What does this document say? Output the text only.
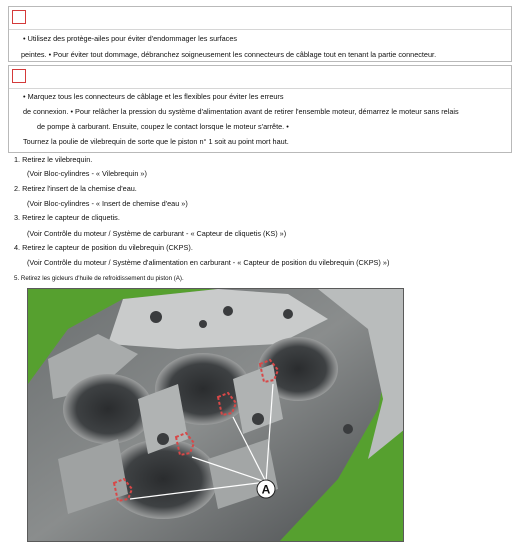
• Utilisez des protège-ailes pour éviter d'endommager les surfaces
peintes. • Pour éviter tout dommage, débranchez soigneusement les connecteurs de câblage tout en tenant la partie connecteur.
• Marquez tous les connecteurs de câblage et les flexibles pour éviter les erreurs
de connexion. • Pour relâcher la pression du système d'alimentation avant de retirer l'ensemble moteur, démarrez le moteur sans relais
de pompe à carburant. Ensuite, coupez le contact lorsque le moteur s'arrête. •
Tournez la poulie de vilebrequin de sorte que le piston n° 1 soit au point mort haut.
1. Retirez le vilebrequin.
(Voir Bloc-cylindres - « Vilebrequin »)
2. Retirez l'insert de la chemise d'eau.
(Voir Bloc-cylindres - « Insert de chemise d'eau »)
3. Retirez le capteur de cliquetis.
(Voir Contrôle du moteur / Système de carburant - « Capteur de cliquetis (KS) »)
4. Retirez le capteur de position du vilebrequin (CKPS).
(Voir Contrôle du moteur / Système d'alimentation en carburant - « Capteur de position du vilebrequin (CKPS) »)
5. Retirez les gicleurs d'huile de refroidissement du piston (A).
A
